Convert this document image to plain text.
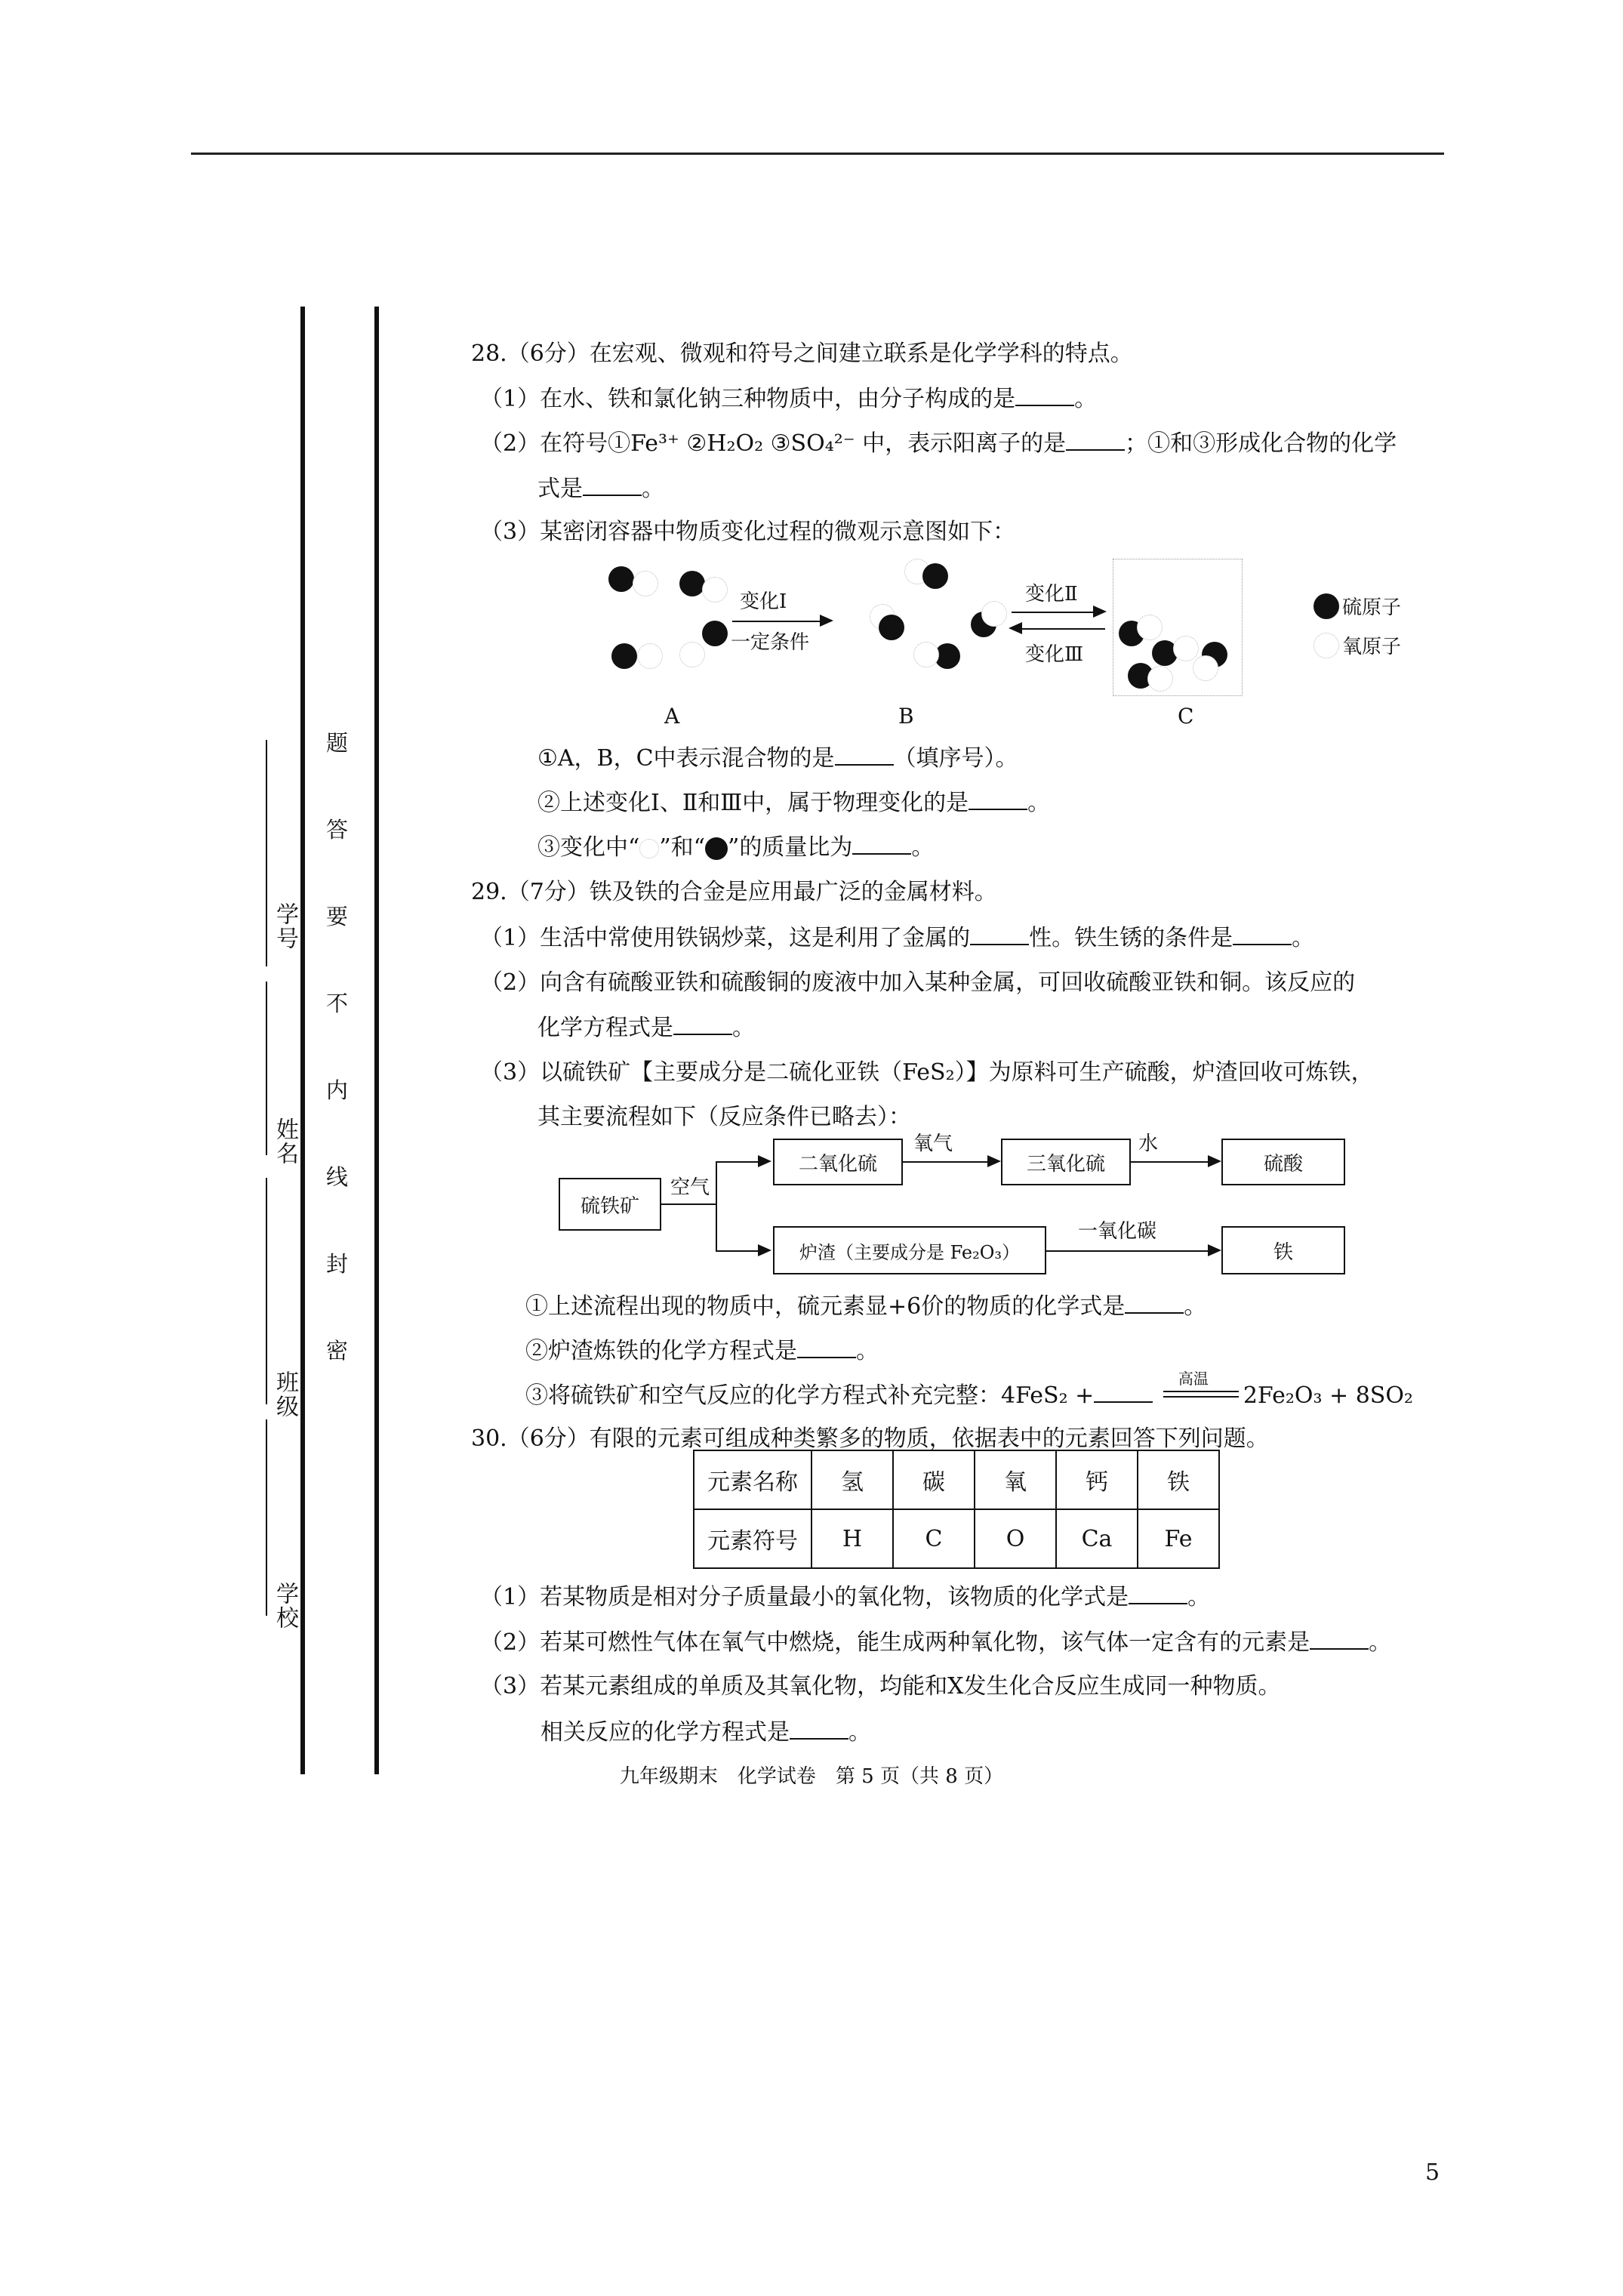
学号
姓名
班级
学校
题
答
要
不
内
线
封
密
28.（6分）在宏观、微观和符号之间建立联系是化学学科的特点。
（1）在水、铁和氯化钠三种物质中，由分子构成的是	。
（2）在符号①Fe³⁺ ②H₂O₂ ③SO₄²⁻ 中，表示阳离子的是	；①和③形成化合物的化学
式是	。
（3）某密闭容器中物质变化过程的微观示意图如下：
变化Ⅰ
一定条件
变化Ⅱ
变化Ⅲ
A	B	C
硫原子
氧原子
①A，B，C中表示混合物的是	（填序号）。
②上述变化Ⅰ、Ⅱ和Ⅲ中，属于物理变化的是	。
③变化中“ ”和“ ”的质量比为	。
29.（7分）铁及铁的合金是应用最广泛的金属材料。
（1）生活中常使用铁锅炒菜，这是利用了金属的	性。铁生锈的条件是	。
（2）向含有硫酸亚铁和硫酸铜的废液中加入某种金属，可回收硫酸亚铁和铜。该反应的
化学方程式是	。
（3）以硫铁矿【主要成分是二硫化亚铁（FeS₂）】为原料可生产硫酸，炉渣回收可炼铁，
其主要流程如下（反应条件已略去）：
硫铁矿
空气
二氧化硫
氧气
三氧化硫
水
硫酸
炉渣（主要成分是 Fe₂O₃）
一氧化碳
铁
①上述流程出现的物质中，硫元素显+6价的物质的化学式是	。
②炉渣炼铁的化学方程式是	。
③将硫铁矿和空气反应的化学方程式补充完整：4FeS₂ +
高温
2Fe₂O₃ + 8SO₂
30.（6分）有限的元素可组成种类繁多的物质，依据表中的元素回答下列问题。
元素名称	氢	碳	氧	钙	铁
元素符号	H	C	O	Ca	Fe
（1）若某物质是相对分子质量最小的氧化物，该物质的化学式是	。
（2）若某可燃性气体在氧气中燃烧，能生成两种氧化物，该气体一定含有的元素是	。
（3）若某元素组成的单质及其氧化物，均能和X发生化合反应生成同一种物质。
相关反应的化学方程式是	。
九年级期末　化学试卷　第 5 页（共 8 页）
5
